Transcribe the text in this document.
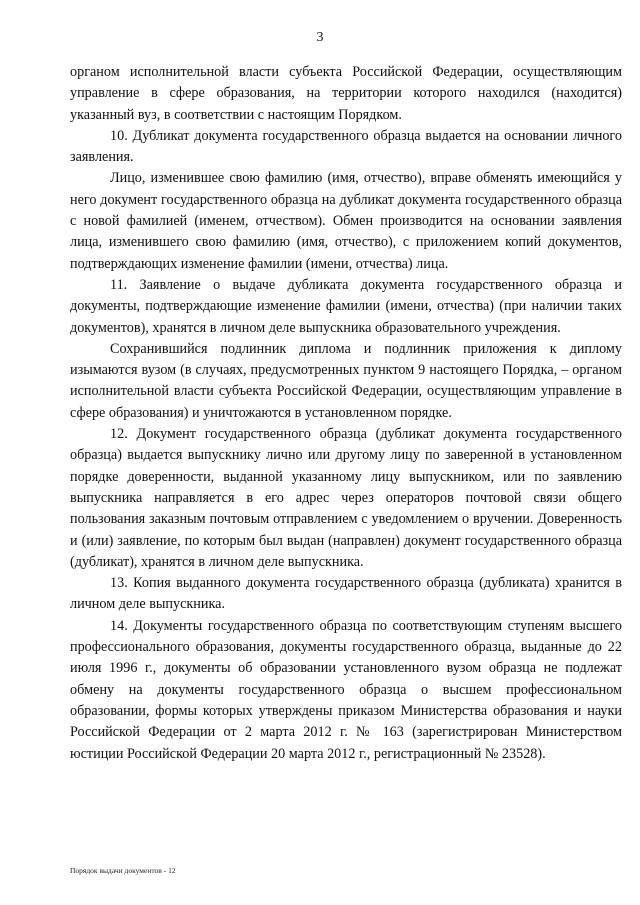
3

органом исполнительной власти субъекта Российской Федерации, осуществляющим управление в сфере образования, на территории которого находился (находится) указанный вуз, в соответствии с настоящим Порядком.

10. Дубликат документа государственного образца выдается на основании личного заявления.

Лицо, изменившее свою фамилию (имя, отчество), вправе обменять имеющийся у него документ государственного образца на дубликат документа государственного образца с новой фамилией (именем, отчеством). Обмен производится на основании заявления лица, изменившего свою фамилию (имя, отчество), с приложением копий документов, подтверждающих изменение фамилии (имени, отчества) лица.

11. Заявление о выдаче дубликата документа государственного образца и документы, подтверждающие изменение фамилии (имени, отчества) (при наличии таких документов), хранятся в личном деле выпускника образовательного учреждения.

Сохранившийся подлинник диплома и подлинник приложения к диплому изымаются вузом (в случаях, предусмотренных пунктом 9 настоящего Порядка, – органом исполнительной власти субъекта Российской Федерации, осуществляющим управление в сфере образования) и уничтожаются в установленном порядке.

12. Документ государственного образца (дубликат документа государственного образца) выдается выпускнику лично или другому лицу по заверенной в установленном порядке доверенности, выданной указанному лицу выпускником, или по заявлению выпускника направляется в его адрес через операторов почтовой связи общего пользования заказным почтовым отправлением с уведомлением о вручении. Доверенность и (или) заявление, по которым был выдан (направлен) документ государственного образца (дубликат), хранятся в личном деле выпускника.

13. Копия выданного документа государственного образца (дубликата) хранится в личном деле выпускника.

14. Документы государственного образца по соответствующим ступеням высшего профессионального образования, документы государственного образца, выданные до 22 июля 1996 г., документы об образовании установленного вузом образца не подлежат обмену на документы государственного образца о высшем профессиональном образовании, формы которых утверждены приказом Министерства образования и науки Российской Федерации от 2 марта 2012 г. № 163 (зарегистрирован Министерством юстиции Российской Федерации 20 марта 2012 г., регистрационный № 23528).

Порядок выдачи документов - 12
